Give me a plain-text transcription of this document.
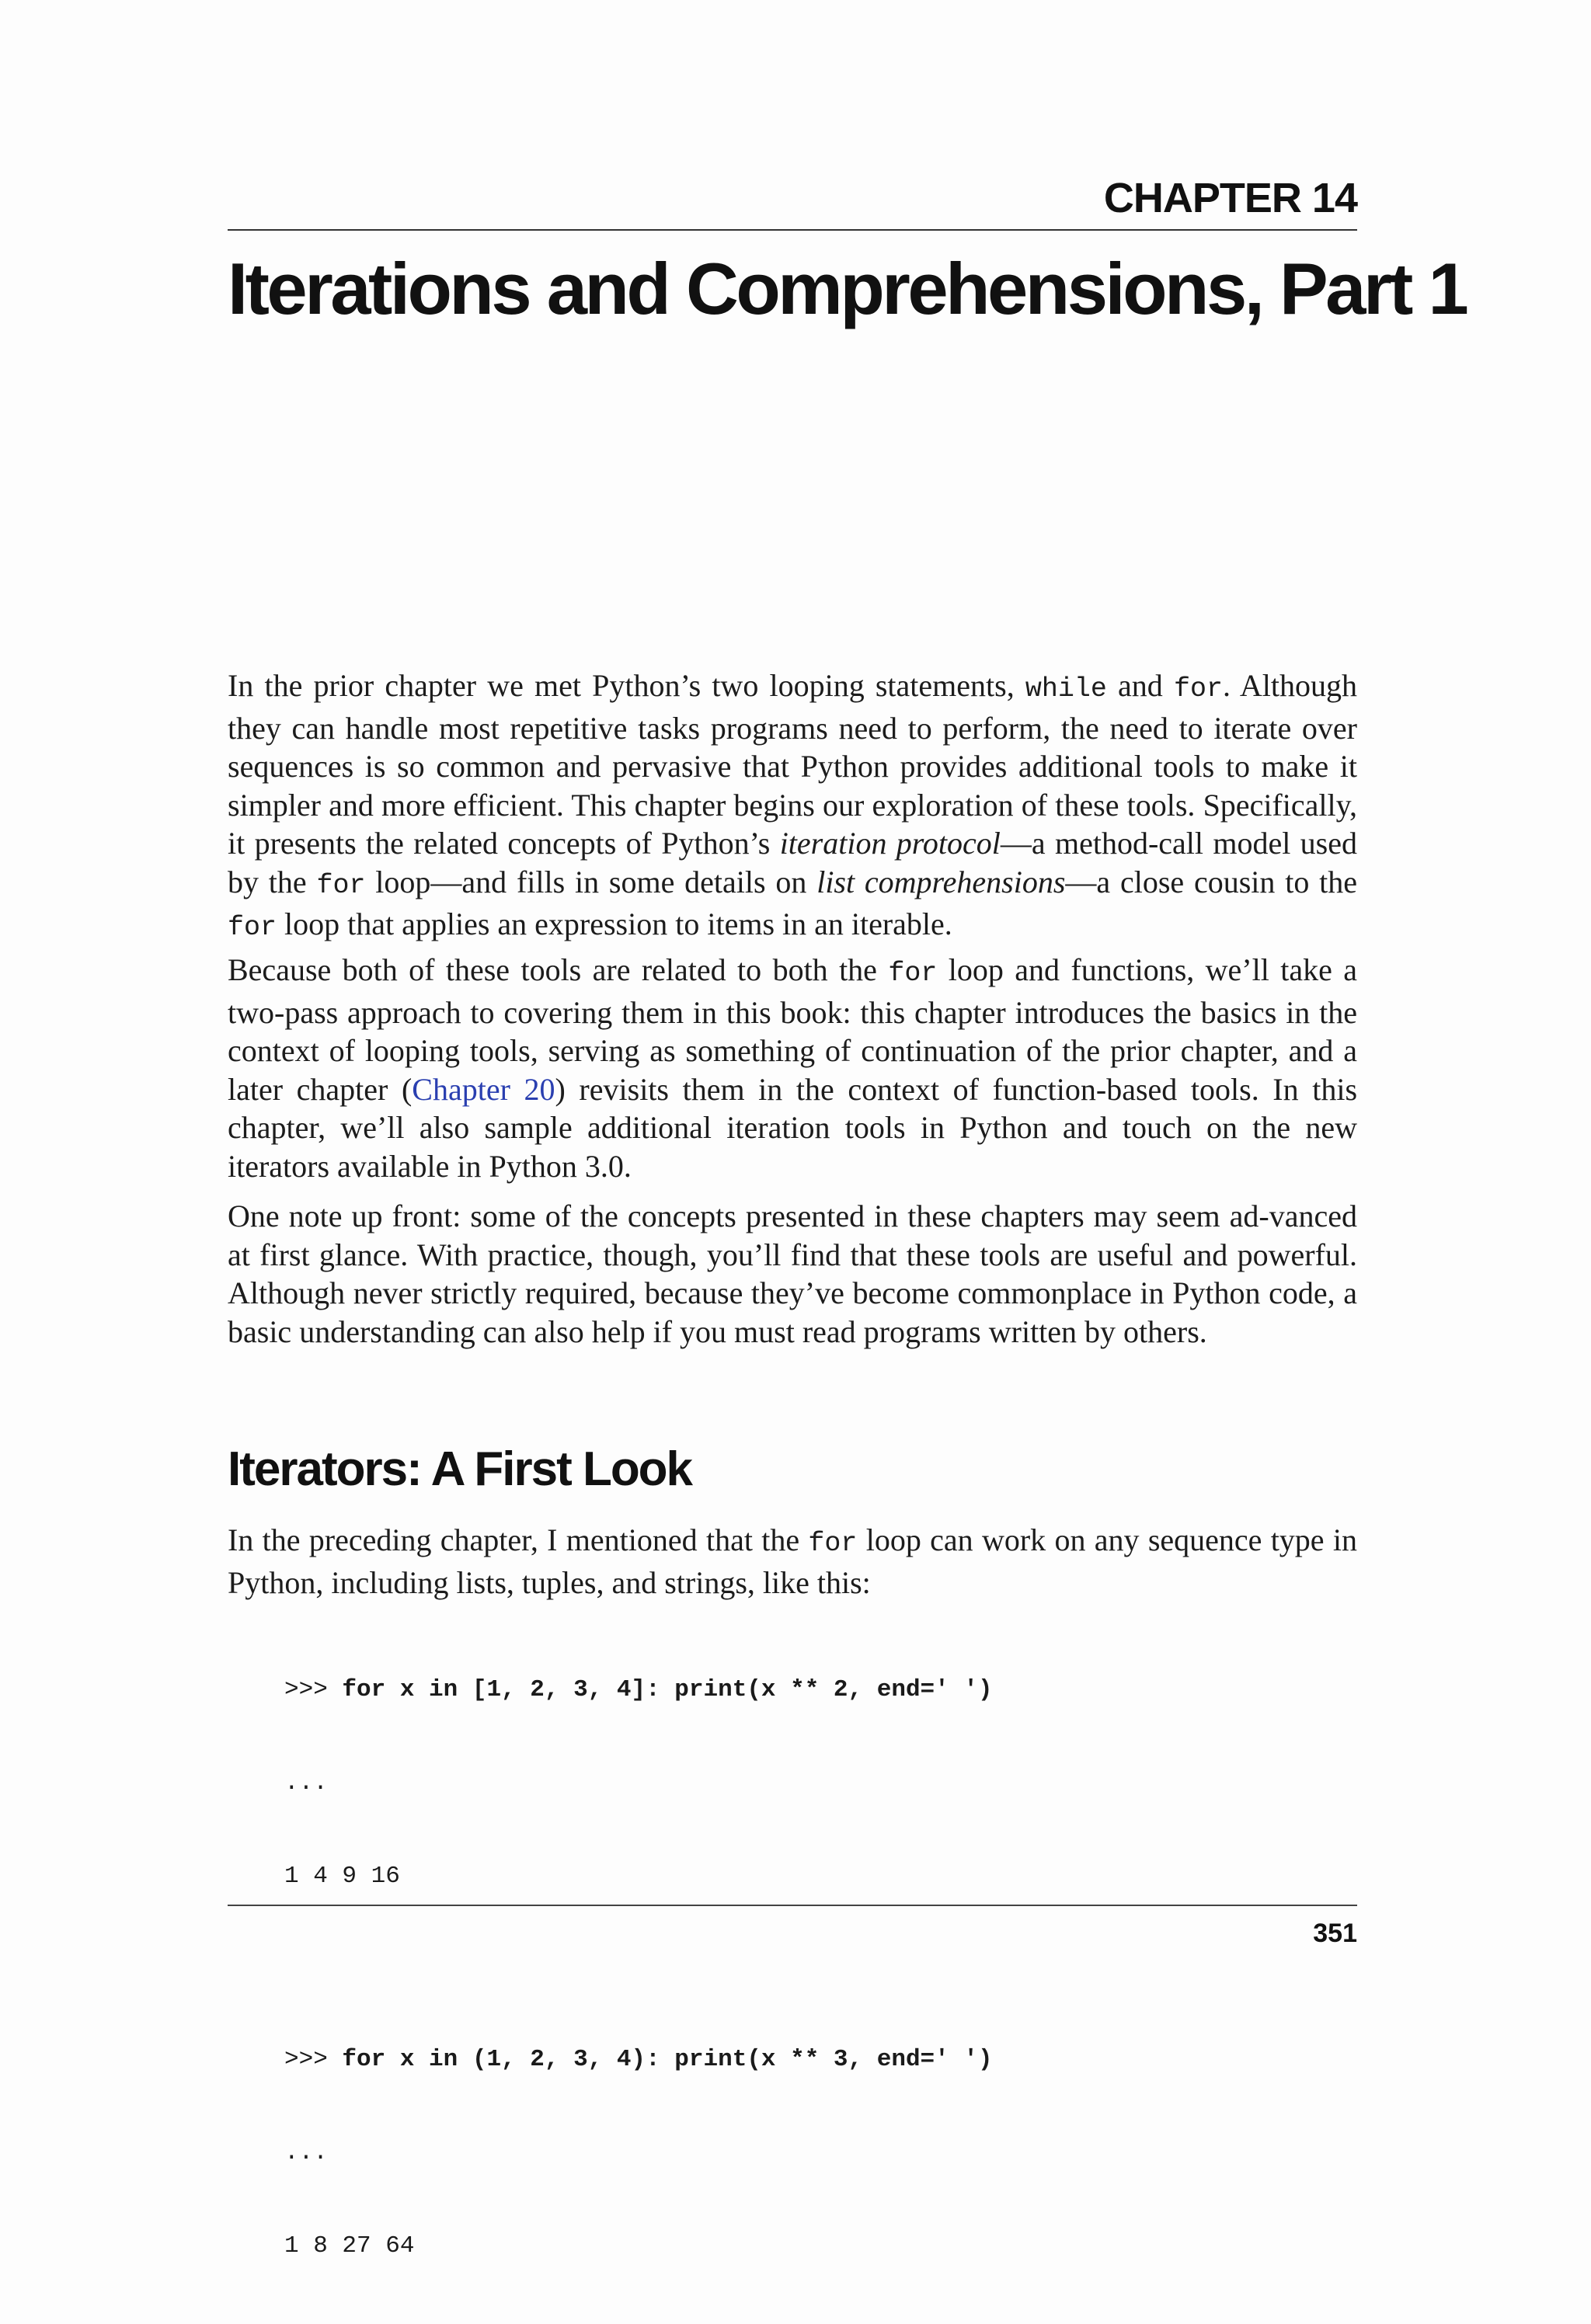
CHAPTER 14
Iterations and Comprehensions, Part 1

In the prior chapter we met Python’s two looping statements, while and for. Although they can handle most repetitive tasks programs need to perform, the need to iterate over sequences is so common and pervasive that Python provides additional tools to make it simpler and more efficient. This chapter begins our exploration of these tools. Specifically, it presents the related concepts of Python’s iteration protocol—a method-call model used by the for loop—and fills in some details on list comprehensions—a close cousin to the for loop that applies an expression to items in an iterable.

Because both of these tools are related to both the for loop and functions, we’ll take a two-pass approach to covering them in this book: this chapter introduces the basics in the context of looping tools, serving as something of continuation of the prior chapter, and a later chapter (Chapter 20) revisits them in the context of function-based tools. In this chapter, we’ll also sample additional iteration tools in Python and touch on the new iterators available in Python 3.0.

One note up front: some of the concepts presented in these chapters may seem ad-vanced at first glance. With practice, though, you’ll find that these tools are useful and powerful. Although never strictly required, because they’ve become commonplace in Python code, a basic understanding can also help if you must read programs written by others.

Iterators: A First Look

In the preceding chapter, I mentioned that the for loop can work on any sequence type in Python, including lists, tuples, and strings, like this:

>>> for x in [1, 2, 3, 4]: print(x ** 2, end=' ')

...

1 4 9 16

>>> for x in (1, 2, 3, 4): print(x ** 3, end=' ')

...

1 8 27 64

351
